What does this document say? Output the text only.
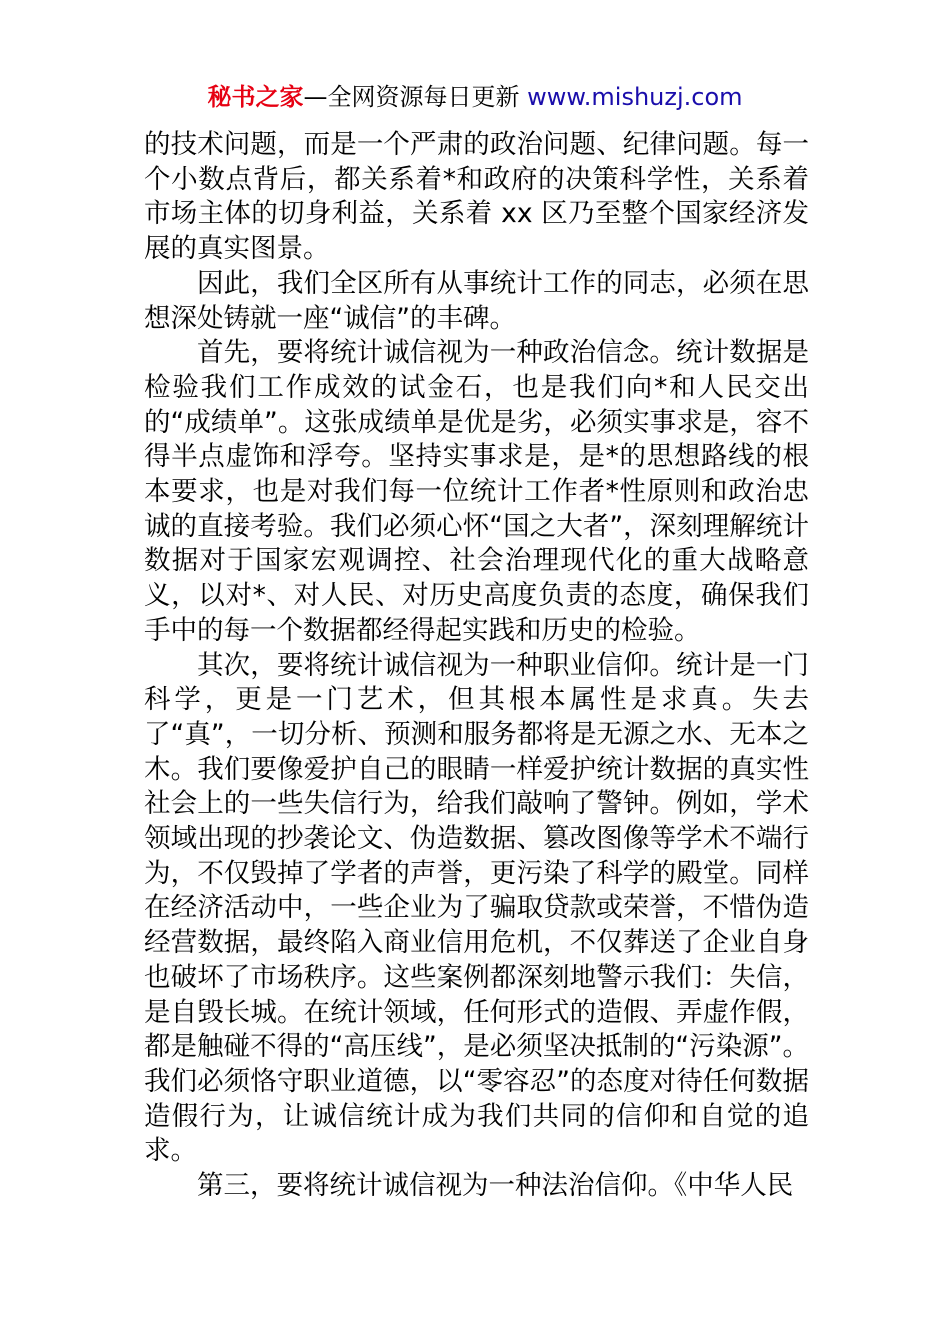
秘书之家—全网资源每日更新 www.mishuzj.com

的技术问题，而是一个严肃的政治问题、纪律问题。每一个小数点背后，都关系着*和政府的决策科学性，关系着市场主体的切身利益，关系着 xx 区乃至整个国家经济发展的真实图景。

因此，我们全区所有从事统计工作的同志，必须在思想深处铸就一座“诚信”的丰碑。

首先，要将统计诚信视为一种政治信念。统计数据是检验我们工作成效的试金石，也是我们向*和人民交出的“成绩单”。这张成绩单是优是劣，必须实事求是，容不得半点虚饰和浮夸。坚持实事求是，是*的思想路线的根本要求，也是对我们每一位统计工作者*性原则和政治忠诚的直接考验。我们必须心怀“国之大者”，深刻理解统计数据对于国家宏观调控、社会治理现代化的重大战略意义，以对*、对人民、对历史高度负责的态度，确保我们手中的每一个数据都经得起实践和历史的检验。

其次，要将统计诚信视为一种职业信仰。统计是一门科学，更是一门艺术，但其根本属性是求真。失去了“真”，一切分析、预测和服务都将是无源之水、无本之木。我们要像爱护自己的眼睛一样爱护统计数据的真实性社会上的一些失信行为，给我们敲响了警钟。例如，学术领域出现的抄袭论文、伪造数据、篡改图像等学术不端行为，不仅毁掉了学者的声誉，更污染了科学的殿堂。同样在经济活动中，一些企业为了骗取贷款或荣誉，不惜伪造经营数据，最终陷入商业信用危机，不仅葬送了企业自身也破坏了市场秩序。这些案例都深刻地警示我们：失信，是自毁长城。在统计领域，任何形式的造假、弄虚作假，都是触碰不得的“高压线”，是必须坚决抵制的“污染源”。我们必须恪守职业道德，以“零容忍”的态度对待任何数据造假行为，让诚信统计成为我们共同的信仰和自觉的追求。

第三，要将统计诚信视为一种法治信仰。《中华人民
